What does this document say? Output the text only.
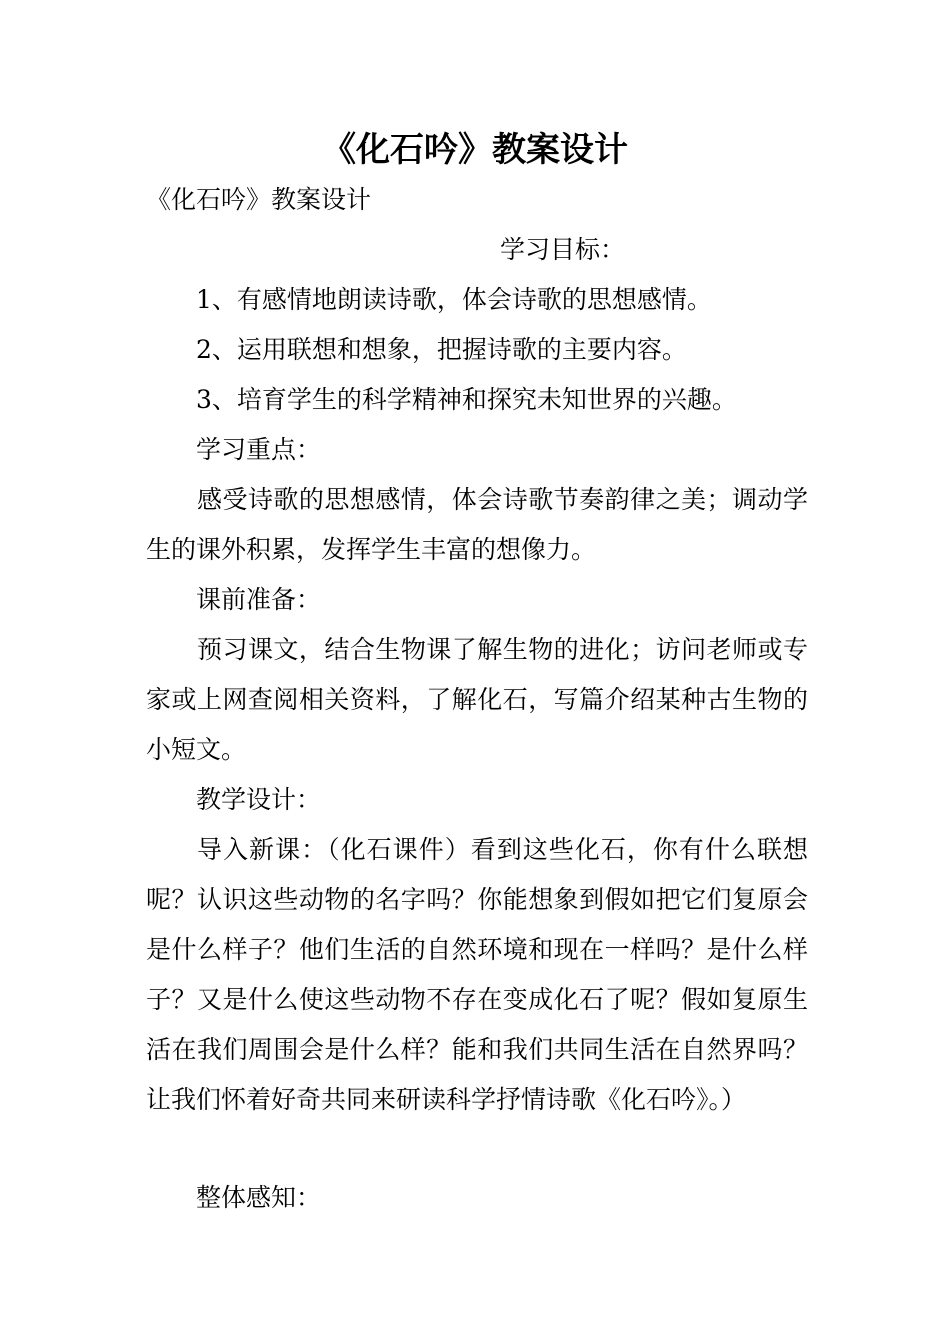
《化石吟》教案设计
《化石吟》教案设计
学习目标：
1、有感情地朗读诗歌，体会诗歌的思想感情。
2、运用联想和想象，把握诗歌的主要内容。
3、培育学生的科学精神和探究未知世界的兴趣。
学习重点：

感受诗歌的思想感情，体会诗歌节奏韵律之美；调动学生的课外积累，发挥学生丰富的想像力。

课前准备：

预习课文，结合生物课了解生物的进化；访问老师或专家或上网查阅相关资料，了解化石，写篇介绍某种古生物的小短文。

教学设计：

导入新课：（化石课件）看到这些化石，你有什么联想呢？认识这些动物的名字吗？你能想象到假如把它们复原会是什么样子？他们生活的自然环境和现在一样吗？是什么样子？又是什么使这些动物不存在变成化石了呢？假如复原生活在我们周围会是什么样？能和我们共同生活在自然界吗？让我们怀着好奇共同来研读科学抒情诗歌《化石吟》。）

整体感知：
